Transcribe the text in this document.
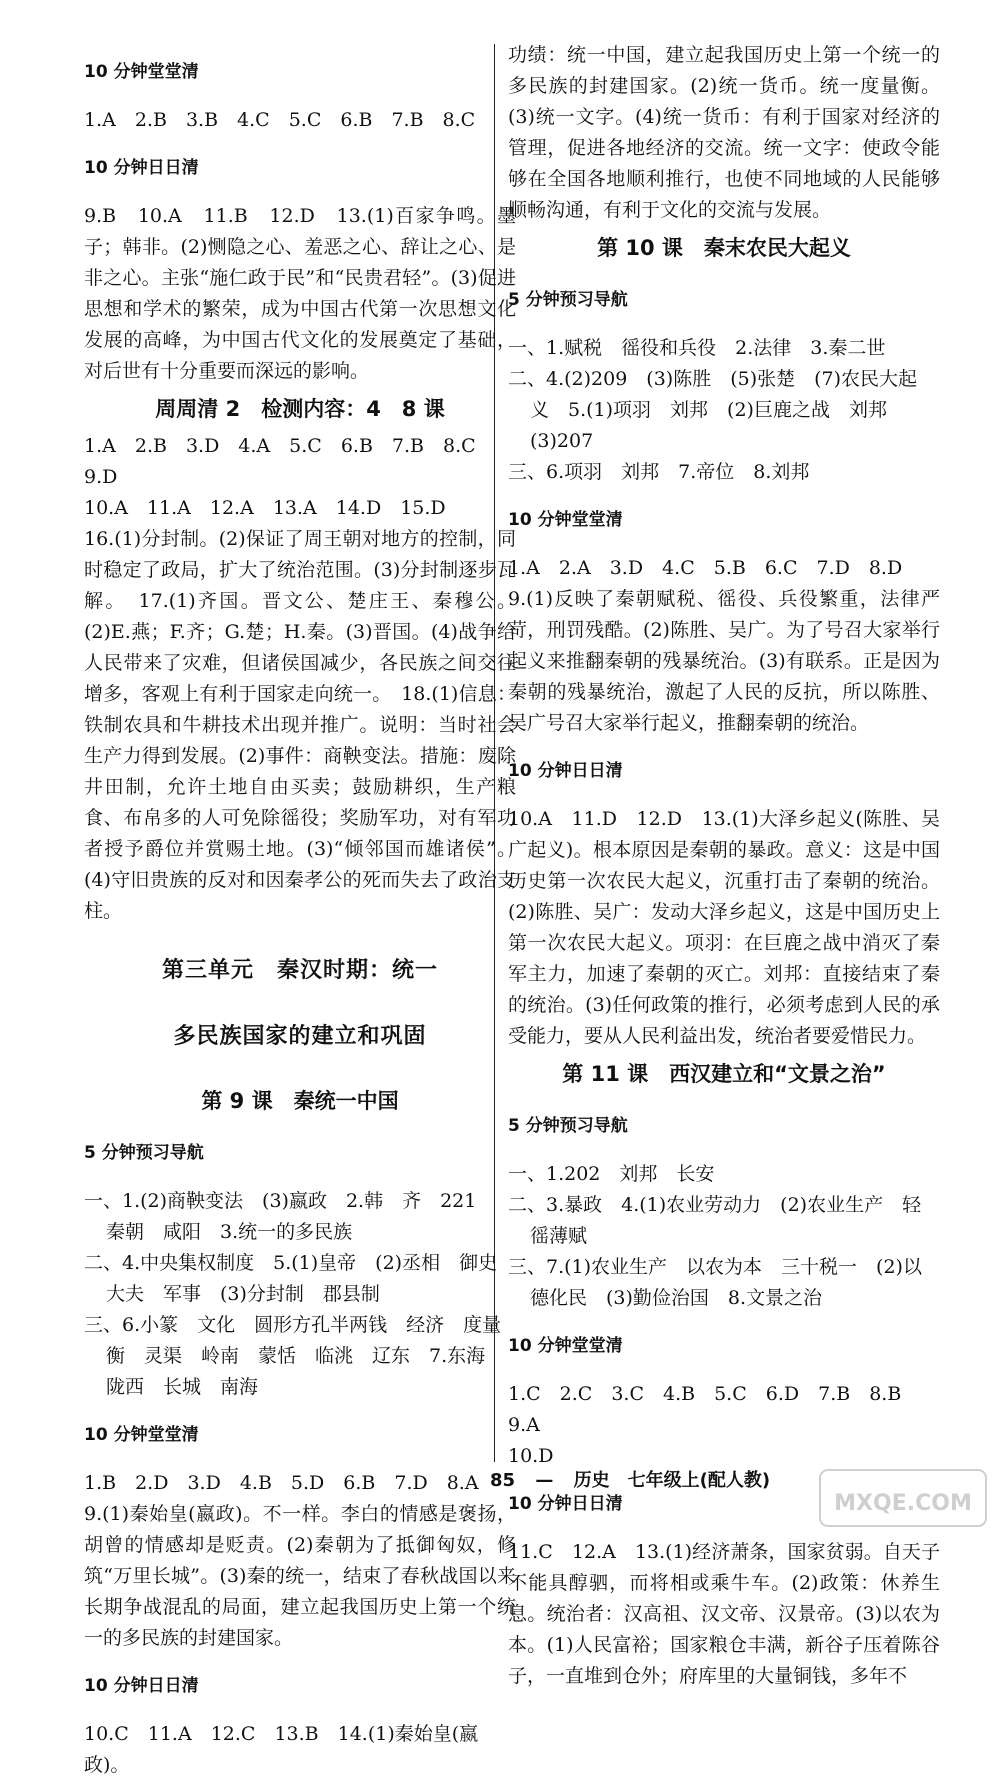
10 分钟堂堂清

1.A　2.B　3.B　4.C　5.C　6.B　7.B　8.C

10 分钟日日清

9.B　10.A　11.B　12.D　13.(1)百家争鸣。墨子；韩非。(2)恻隐之心、羞恶之心、辞让之心、是非之心。主张“施仁政于民”和“民贵君轻”。(3)促进思想和学术的繁荣，成为中国古代第一次思想文化发展的高峰，为中国古代文化的发展奠定了基础，对后世有十分重要而深远的影响。

周周清 2　检测内容：4　8 课

1.A　2.B　3.D　4.A　5.C　6.B　7.B　8.C　9.D

10.A　11.A　12.A　13.A　14.D　15.D

16.(1)分封制。(2)保证了周王朝对地方的控制，同时稳定了政局，扩大了统治范围。(3)分封制逐步瓦解。　17.(1)齐国。晋文公、楚庄王、秦穆公。(2)E.燕；F.齐；G.楚；H.秦。(3)晋国。(4)战争给人民带来了灾难，但诸侯国减少，各民族之间交往增多，客观上有利于国家走向统一。　18.(1)信息：铁制农具和牛耕技术出现并推广。说明：当时社会生产力得到发展。(2)事件：商鞅变法。措施：废除井田制，允许土地自由买卖；鼓励耕织，生产粮食、布帛多的人可免除徭役；奖励军功，对有军功者授予爵位并赏赐土地。(3)“倾邻国而雄诸侯”。(4)守旧贵族的反对和因秦孝公的死而失去了政治支柱。

第三单元　秦汉时期：统一

多民族国家的建立和巩固

第 9 课　秦统一中国

5 分钟预习导航

一、1.(2)商鞅变法　(3)嬴政　2.韩　齐　221

秦朝　咸阳　3.统一的多民族

二、4.中央集权制度　5.(1)皇帝　(2)丞相　御史

大夫　军事　(3)分封制　郡县制

三、6.小篆　文化　圆形方孔半两钱　经济　度量

衡　灵渠　岭南　蒙恬　临洮　辽东　7.东海

陇西　长城　南海

10 分钟堂堂清

1.B　2.D　3.D　4.B　5.D　6.B　7.D　8.A

9.(1)秦始皇(嬴政)。不一样。李白的情感是褒扬，胡曾的情感却是贬责。(2)秦朝为了抵御匈奴，修筑“万里长城”。(3)秦的统一，结束了春秋战国以来长期争战混乱的局面，建立起我国历史上第一个统一的多民族的封建国家。

10 分钟日日清

10.C　11.A　12.C　13.B　14.(1)秦始皇(嬴政)。

功绩：统一中国，建立起我国历史上第一个统一的多民族的封建国家。(2)统一货币。统一度量衡。(3)统一文字。(4)统一货币：有利于国家对经济的管理，促进各地经济的交流。统一文字：使政令能够在全国各地顺利推行，也使不同地域的人民能够顺畅沟通，有利于文化的交流与发展。

第 10 课　秦末农民大起义

5 分钟预习导航

一、1.赋税　徭役和兵役　2.法律　3.秦二世

二、4.(2)209　(3)陈胜　(5)张楚　(7)农民大起

义　5.(1)项羽　刘邦　(2)巨鹿之战　刘邦

(3)207

三、6.项羽　刘邦　7.帝位　8.刘邦

10 分钟堂堂清

1.A　2.A　3.D　4.C　5.B　6.C　7.D　8.D

9.(1)反映了秦朝赋税、徭役、兵役繁重，法律严苛，刑罚残酷。(2)陈胜、吴广。为了号召大家举行起义来推翻秦朝的残暴统治。(3)有联系。正是因为秦朝的残暴统治，激起了人民的反抗，所以陈胜、吴广号召大家举行起义，推翻秦朝的统治。

10 分钟日日清

10.A　11.D　12.D　13.(1)大泽乡起义(陈胜、吴广起义)。根本原因是秦朝的暴政。意义：这是中国历史第一次农民大起义，沉重打击了秦朝的统治。(2)陈胜、吴广：发动大泽乡起义，这是中国历史上第一次农民大起义。项羽：在巨鹿之战中消灭了秦军主力，加速了秦朝的灭亡。刘邦：直接结束了秦的统治。(3)任何政策的推行，必须考虑到人民的承受能力，要从人民利益出发，统治者要爱惜民力。

第 11 课　西汉建立和“文景之治”

5 分钟预习导航

一、1.202　刘邦　长安

二、3.暴政　4.(1)农业劳动力　(2)农业生产　轻

徭薄赋

三、7.(1)农业生产　以农为本　三十税一　(2)以

德化民　(3)勤俭治国　8.文景之治

10 分钟堂堂清

1.C　2.C　3.C　4.B　5.C　6.D　7.B　8.B　9.A

10.D

10 分钟日日清

11.C　12.A　13.(1)经济萧条，国家贫弱。自天子不能具醇驷，而将相或乘牛车。(2)政策：休养生息。统治者：汉高祖、汉文帝、汉景帝。(3)以农为本。(1)人民富裕；国家粮仓丰满，新谷子压着陈谷子，一直堆到仓外；府库里的大量铜钱，多年不

85 — 历史　七年级上(配人教)
MXQE.COM
